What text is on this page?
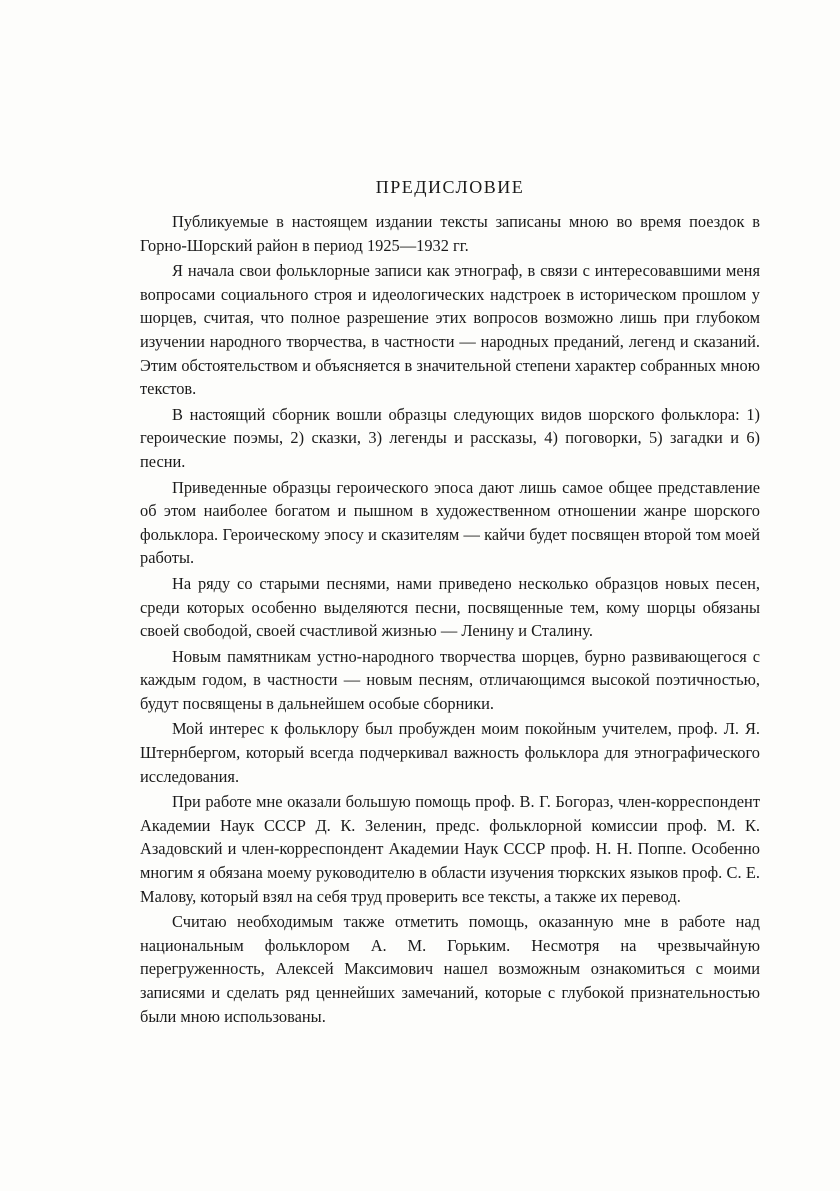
ПРЕДИСЛОВИЕ

Публикуемые в настоящем издании тексты записаны мною во время поездок в Горно-Шорский район в период 1925—1932 гг.

Я начала свои фольклорные записи как этнограф, в связи с интересовавшими меня вопросами социального строя и идеологических надстроек в историческом прошлом у шорцев, считая, что полное разрешение этих вопросов возможно лишь при глубоком изучении народного творчества, в частности — народных преданий, легенд и сказаний. Этим обстоятельством и объясняется в значительной степени характер собранных мною текстов.

В настоящий сборник вошли образцы следующих видов шорского фольклора: 1) героические поэмы, 2) сказки, 3) легенды и рассказы, 4) поговорки, 5) загадки и 6) песни.

Приведенные образцы героического эпоса дают лишь самое общее представление об этом наиболее богатом и пышном в художественном отношении жанре шорского фольклора. Героическому эпосу и сказителям — кайчи будет посвящен второй том моей работы.

На ряду со старыми песнями, нами приведено несколько образцов новых песен, среди которых особенно выделяются песни, посвященные тем, кому шорцы обязаны своей свободой, своей счастливой жизнью — Ленину и Сталину.

Новым памятникам устно-народного творчества шорцев, бурно развивающегося с каждым годом, в частности — новым песням, отличающимся высокой поэтичностью, будут посвящены в дальнейшем особые сборники.

Мой интерес к фольклору был пробужден моим покойным учителем, проф. Л. Я. Штернбергом, который всегда подчеркивал важность фольклора для этнографического исследования.

При работе мне оказали большую помощь проф. В. Г. Богораз, член-корреспондент Академии Наук СССР Д. К. Зеленин, предс. фольклорной комиссии проф. М. К. Азадовский и член-корреспондент Академии Наук СССР проф. Н. Н. Поппе. Особенно многим я обязана моему руководителю в области изучения тюркских языков проф. С. Е. Малову, который взял на себя труд проверить все тексты, а также их перевод.

Считаю необходимым также отметить помощь, оказанную мне в работе над национальным фольклором А. М. Горьким. Несмотря на чрезвычайную перегруженность, Алексей Максимович нашел возможным ознакомиться с моими записями и сделать ряд ценнейших замечаний, которые с глубокой признательностью были мною использованы.
